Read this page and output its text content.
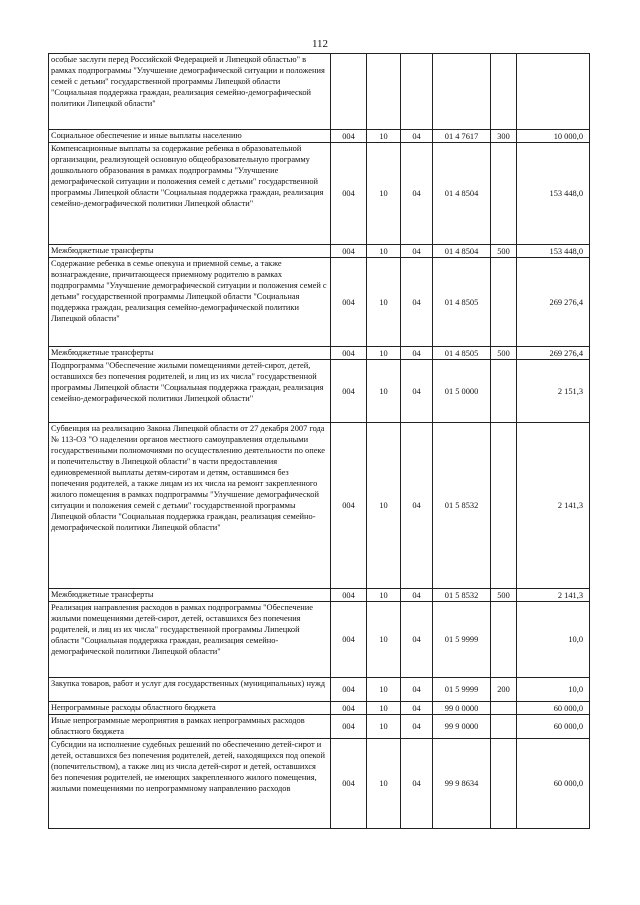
112
особые заслуги перед Российской Федерацией и Липецкой областью" в рамках подпрограммы "Улучшение демографической ситуации и положения семей с детьми" государственной программы Липецкой области "Социальная поддержка граждан, реализация семейно-демографической политики Липецкой области"						
Социальное обеспечение и иные выплаты населению	004	10	04	01 4 7617	300	10 000,0
Компенсационные выплаты за содержание ребенка в образовательной организации, реализующей основную общеобразовательную программу дошкольного образования в рамках подпрограммы "Улучшение демографической ситуации и положения семей с детьми" государственной программы Липецкой области "Социальная поддержка граждан, реализация семейно-демографической политики Липецкой области"	004	10	04	01 4 8504		153 448,0
Межбюджетные трансферты	004	10	04	01 4 8504	500	153 448,0
Содержание ребенка в семье опекуна и приемной семье, а также вознаграждение, причитающееся приемному родителю в рамках подпрограммы "Улучшение демографической ситуации и положения семей с детьми" государственной программы Липецкой области "Социальная поддержка граждан, реализация семейно-демографической политики Липецкой области"	004	10	04	01 4 8505		269 276,4
Межбюджетные трансферты	004	10	04	01 4 8505	500	269 276,4
Подпрограмма "Обеспечение жилыми помещениями детей-сирот, детей, оставшихся без попечения родителей, и лиц из их числа" государственной программы Липецкой области "Социальная поддержка граждан, реализация семейно-демографической политики Липецкой области"	004	10	04	01 5 0000		2 151,3
Субвенция на реализацию Закона Липецкой области от 27 декабря 2007 года № 113-ОЗ "О наделении органов местного самоуправления отдельными государственными полномочиями по осуществлению деятельности по опеке и попечительству в Липецкой области" в части предоставления единовременной выплаты детям-сиротам и детям, оставшимся без попечения родителей, а также лицам из их числа на ремонт закрепленного жилого помещения в рамках подпрограммы "Улучшение демографической ситуации и положения семей с детьми" государственной программы Липецкой области "Социальная поддержка граждан, реализация семейно-демографической политики Липецкой области"	004	10	04	01 5 8532		2 141,3
Межбюджетные трансферты	004	10	04	01 5 8532	500	2 141,3
Реализация направления расходов в рамках подпрограммы "Обеспечение жилыми помещениями детей-сирот, детей, оставшихся без попечения родителей, и лиц из их числа" государственной программы Липецкой области "Социальная поддержка граждан, реализация семейно-демографической политики Липецкой области"	004	10	04	01 5 9999		10,0
Закупка товаров, работ и услуг для государственных (муниципальных) нужд	004	10	04	01 5 9999	200	10,0
Непрограммные расходы областного бюджета	004	10	04	99 0 0000		60 000,0
Иные непрограммные мероприятия в рамках непрограммных расходов областного бюджета	004	10	04	99 9 0000		60 000,0
Субсидии на исполнение судебных решений по обеспечению детей-сирот и детей, оставшихся без попечения родителей, детей, находящихся под опекой (попечительством), а также лиц из числа детей-сирот и детей, оставшихся без попечения родителей, не имеющих закрепленного жилого помещения, жилыми помещениями по непрограммному направлению расходов	004	10	04	99 9 8634		60 000,0
